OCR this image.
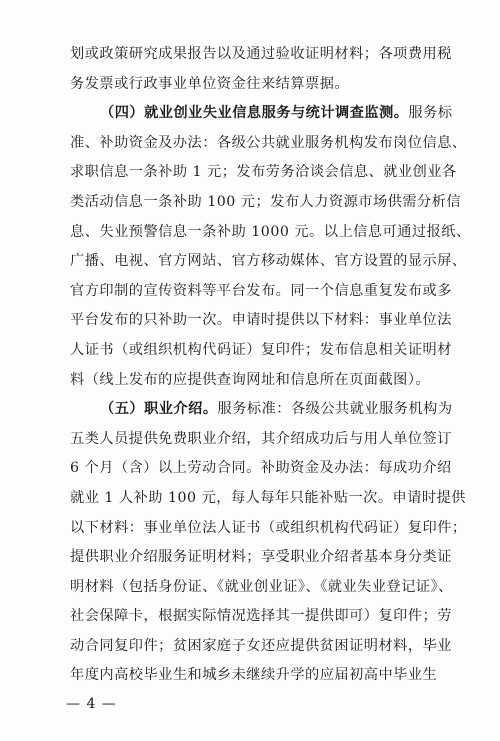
划或政策研究成果报告以及通过验收证明材料；各项费用税
务发票或行政事业单位资金往来结算票据。
（四）就业创业失业信息服务与统计调查监测。服务标
准、补助资金及办法：各级公共就业服务机构发布岗位信息、
求职信息一条补助 1 元；发布劳务洽谈会信息、就业创业各
类活动信息一条补助 100 元；发布人力资源市场供需分析信
息、失业预警信息一条补助 1000 元。以上信息可通过报纸、
广播、电视、官方网站、官方移动媒体、官方设置的显示屏、
官方印制的宣传资料等平台发布。同一个信息重复发布或多
平台发布的只补助一次。申请时提供以下材料：事业单位法
人证书（或组织机构代码证）复印件；发布信息相关证明材
料（线上发布的应提供查询网址和信息所在页面截图）。
（五）职业介绍。服务标准：各级公共就业服务机构为
五类人员提供免费职业介绍，其介绍成功后与用人单位签订
6 个月（含）以上劳动合同。补助资金及办法：每成功介绍
就业 1 人补助 100 元，每人每年只能补贴一次。申请时提供
以下材料：事业单位法人证书（或组织机构代码证）复印件；
提供职业介绍服务证明材料；享受职业介绍者基本身分类证
明材料（包括身份证、《就业创业证》、《就业失业登记证》、
社会保障卡，根据实际情况选择其一提供即可）复印件；劳
动合同复印件；贫困家庭子女还应提供贫困证明材料，毕业
年度内高校毕业生和城乡未继续升学的应届初高中毕业生
— 4 —
